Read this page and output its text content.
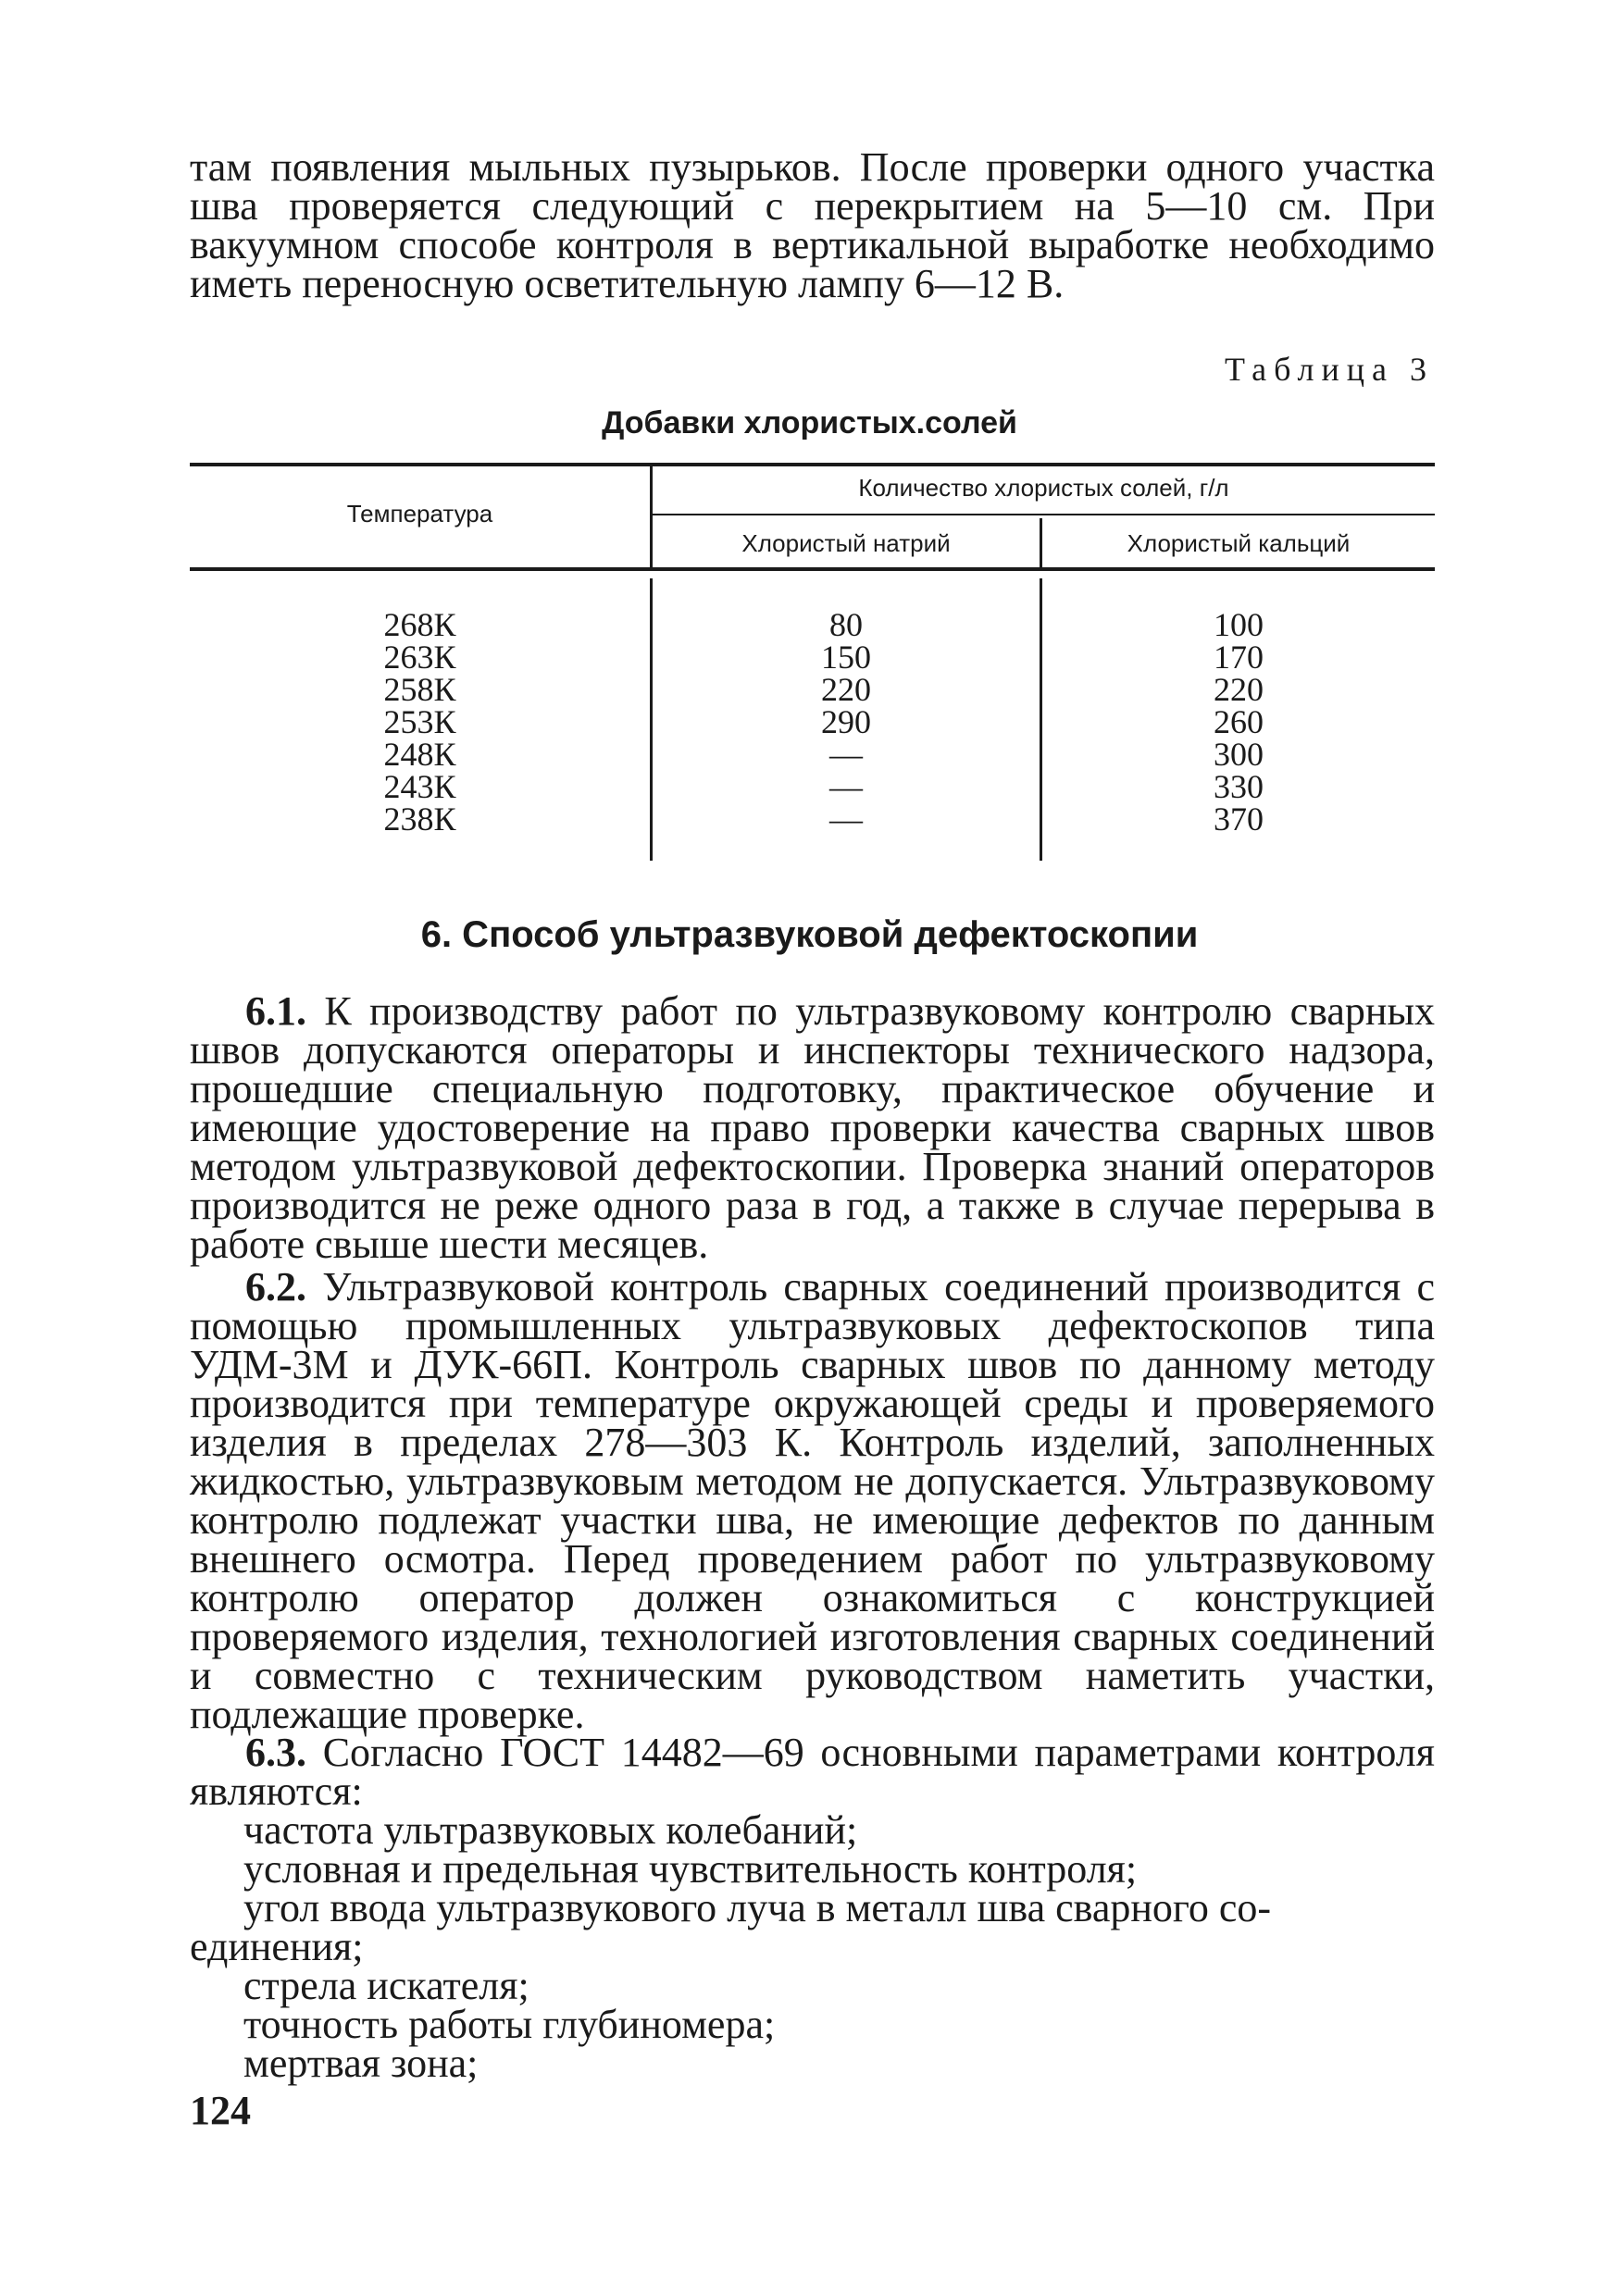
там появления мыльных пузырьков. После проверки одного участка шва проверяется следующий с перекрытием на 5—10 см. При вакуумном способе контроля в вертикальной выработке необходимо иметь переносную осветительную лампу 6—12 В.

Таблица 3
Добавки хлористых.солей
Температура
Количество хлористых солей, г/л
Хлористый натрий	Хлористый кальций
268К
263К
258К
253К
248К
243К
238К
80
150
220
290
—
—
—
100
170
220
260
300
330
370
6. Способ ультразвуковой дефектоскопии

6.1. К производству работ по ультразвуковому контролю сварных швов допускаются операторы и инспекторы технического надзора, прошедшие специальную подготовку, практическое обучение и имеющие удостоверение на право проверки качества сварных швов методом ультразвуковой дефектоскопии. Проверка знаний операторов производится не реже одного раза в год, а также в случае перерыва в работе свыше шести месяцев.

6.2. Ультразвуковой контроль сварных соединений производится с помощью промышленных ультразвуковых дефектоскопов типа УДМ-3М и ДУК-66П. Контроль сварных швов по данному методу производится при температуре окружающей среды и проверяемого изделия в пределах 278—303 К. Контроль изделий, заполненных жидкостью, ультразвуковым методом не допускается. Ультразвуковому контролю подлежат участки шва, не имеющие дефектов по данным внешнего осмотра. Перед проведением работ по ультразвуковому контролю оператор должен ознакомиться с конструкцией проверяемого изделия, технологией изготовления сварных соединений и совместно с техническим руководством наметить участки, подлежащие проверке.

6.3. Согласно ГОСТ 14482—69 основными параметрами контроля являются:

частота ультразвуковых колебаний;

условная и предельная чувствительность контроля;

угол ввода ультразвукового луча в металл шва сварного со-

единения;

стрела искателя;

точность работы глубиномера;

мертвая зона;

124
